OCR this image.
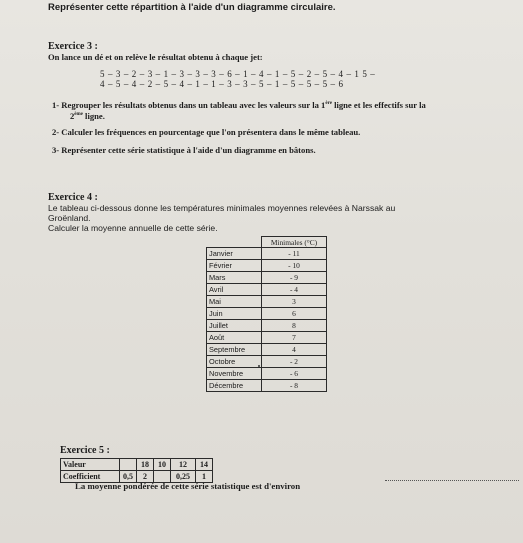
Représenter cette répartition à l'aide d'un diagramme circulaire.
Exercice 3 :
On lance un dé et on relève le résultat obtenu à chaque jet:
5 – 3 – 2 – 3 – 1 – 3 – 3 – 3 – 6 – 1 – 4 – 1 – 5 – 2 – 5 – 4 – 1 5 –
4 – 5 – 4 – 2 – 5 – 4 – 1 – 1 – 3 – 3 – 5 – 1 – 5 – 5 – 5 – 6
1- Regrouper les résultats obtenus dans un tableau avec les valeurs sur la 1ère ligne et les effectifs sur la
2ème ligne.
2- Calculer les fréquences en pourcentage que l'on présentera dans le même tableau.
3- Représenter cette série statistique à l'aide d'un diagramme en bâtons.
Exercice 4 :
Le tableau ci-dessous donne les températures minimales moyennes relevées à Narssak au
Groënland.
Calculer la moyenne annuelle de cette série.
	Minimales (°C)
Janvier	- 11
Février	- 10
Mars	- 9
Avril	- 4
Mai	3
Juin	6
Juillet	8
Août	7
Septembre	4
Octobre	- 2
Novembre	- 6
Décembre	- 8
Exercice 5 :
Valeur		18	10	12	14
Coefficient	0,5	2		0,25	1
La moyenne pondérée de cette série statistique est d'environ
